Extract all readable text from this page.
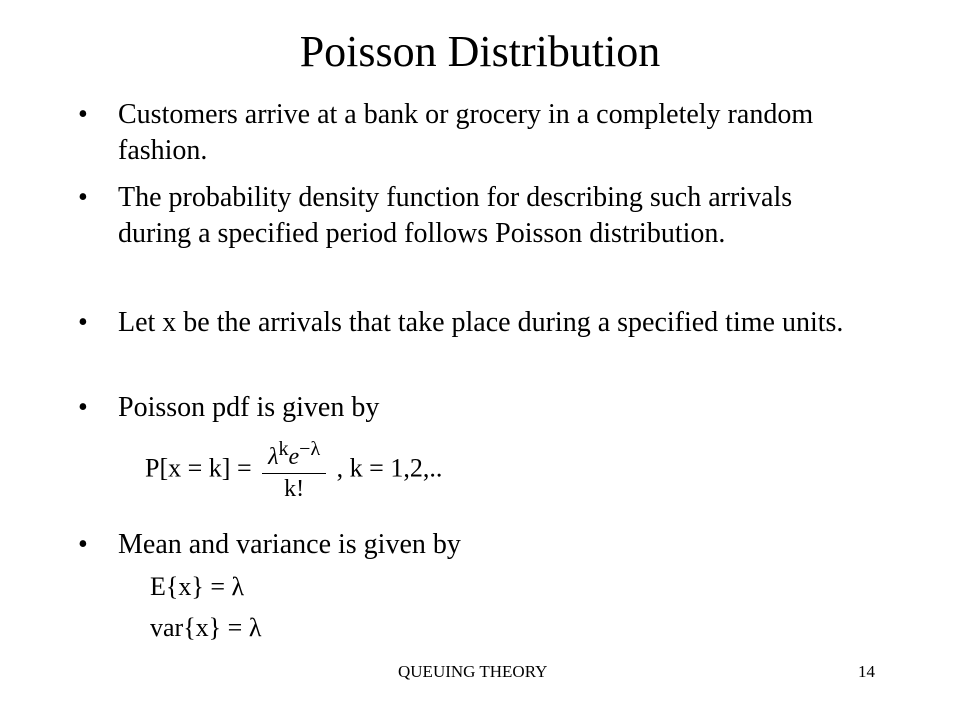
Poisson Distribution
• Customers arrive at a bank or grocery in a completely random fashion.
• The probability density function for describing such arrivals during a specified period follows Poisson distribution.
• Let x be the arrivals that take place during a specified time units.
• Poisson pdf is given by
• Mean and variance is given by
$P[x = k] = \frac{\lambda^ke^{-\lambda}}{k!}$ , k = 1,2,..
E{x} = λ
var{x} = λ
QUEUING THEORY	14
